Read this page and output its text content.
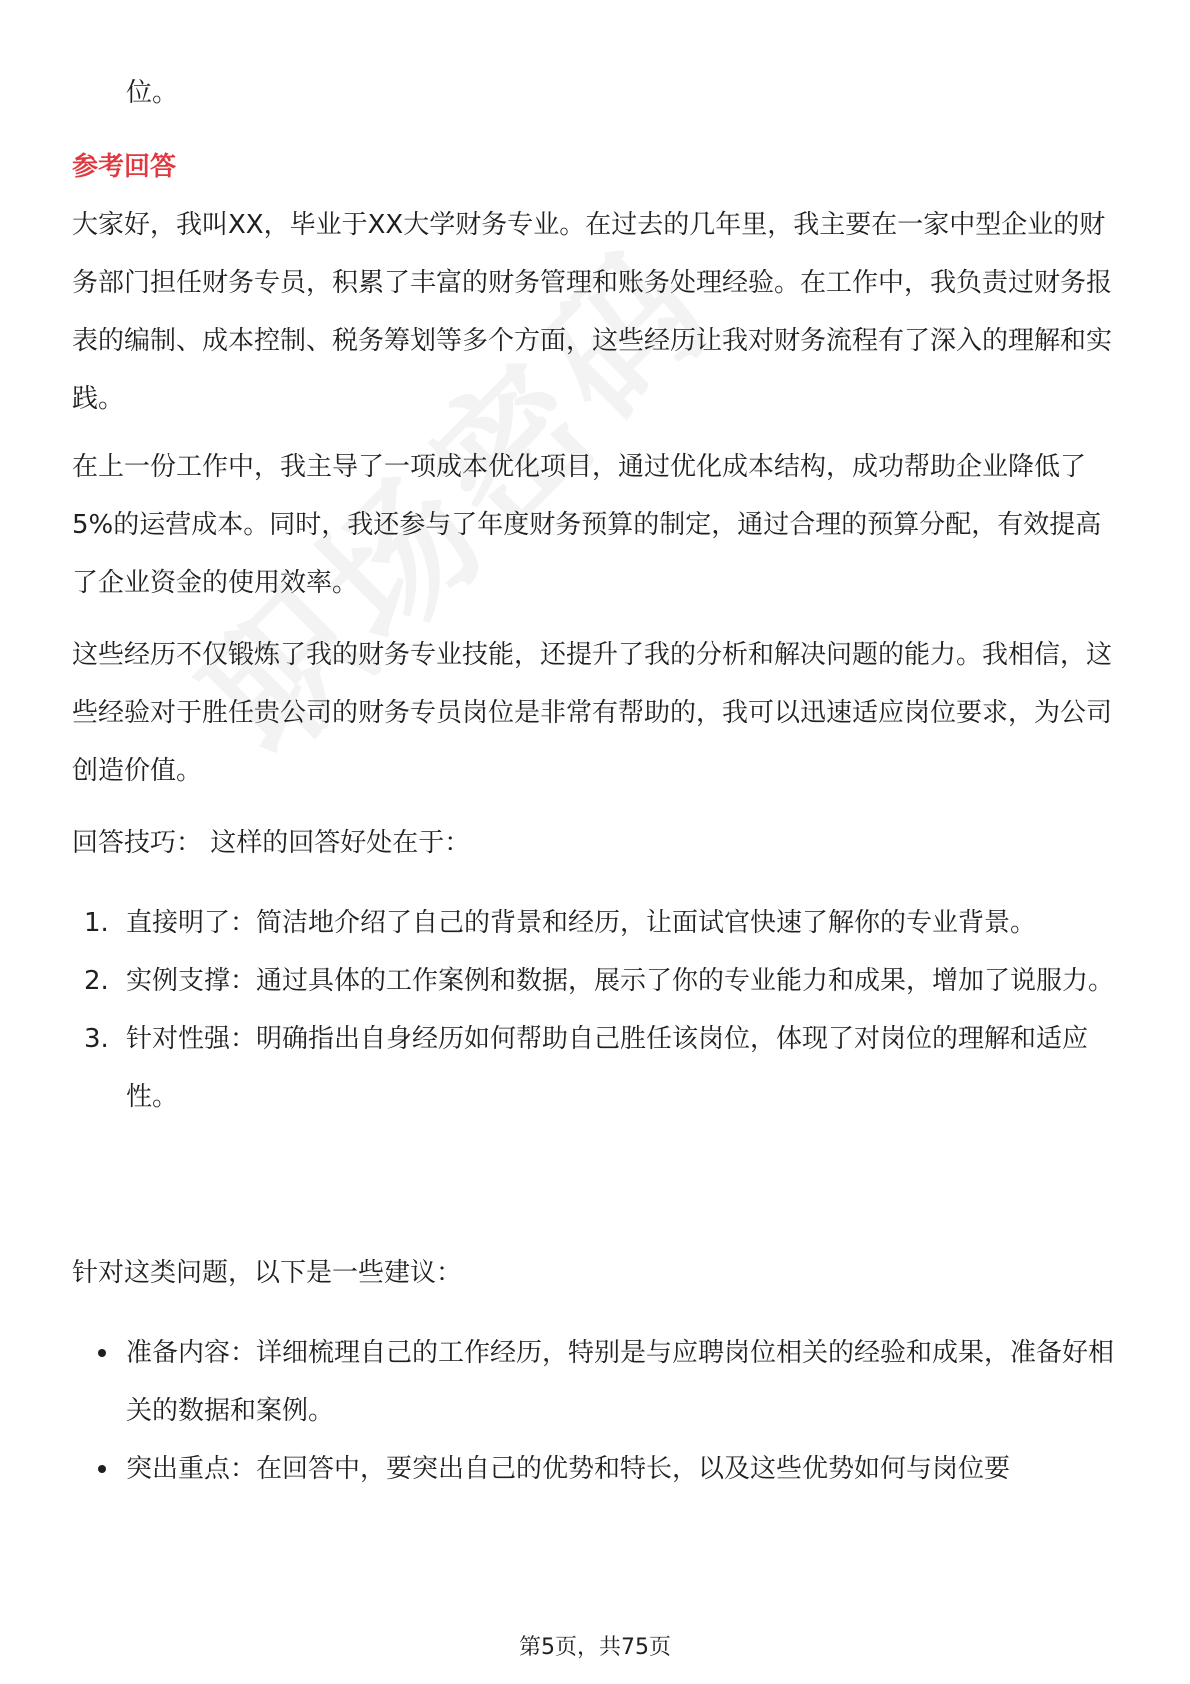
位。

参考回答

大家好，我叫XX，毕业于XX大学财务专业。在过去的几年里，我主要在一家中型企业的财务部门担任财务专员，积累了丰富的财务管理和账务处理经验。在工作中，我负责过财务报表的编制、成本控制、税务筹划等多个方面，这些经历让我对财务流程有了深入的理解和实践。

在上一份工作中，我主导了一项成本优化项目，通过优化成本结构，成功帮助企业降低了5%的运营成本。同时，我还参与了年度财务预算的制定，通过合理的预算分配，有效提高了企业资金的使用效率。

这些经历不仅锻炼了我的财务专业技能，还提升了我的分析和解决问题的能力。我相信，这些经验对于胜任贵公司的财务专员岗位是非常有帮助的，我可以迅速适应岗位要求，为公司创造价值。

回答技巧： 这样的回答好处在于：

1. 直接明了：简洁地介绍了自己的背景和经历，让面试官快速了解你的专业背景。
2. 实例支撑：通过具体的工作案例和数据，展示了你的专业能力和成果，增加了说服力。
3. 针对性强：明确指出自身经历如何帮助自己胜任该岗位，体现了对岗位的理解和适应性。

针对这类问题，以下是一些建议：

准备内容：详细梳理自己的工作经历，特别是与应聘岗位相关的经验和成果，准备好相关的数据和案例。
突出重点：在回答中，要突出自己的优势和特长，以及这些优势如何与岗位要
第5页，共75页
